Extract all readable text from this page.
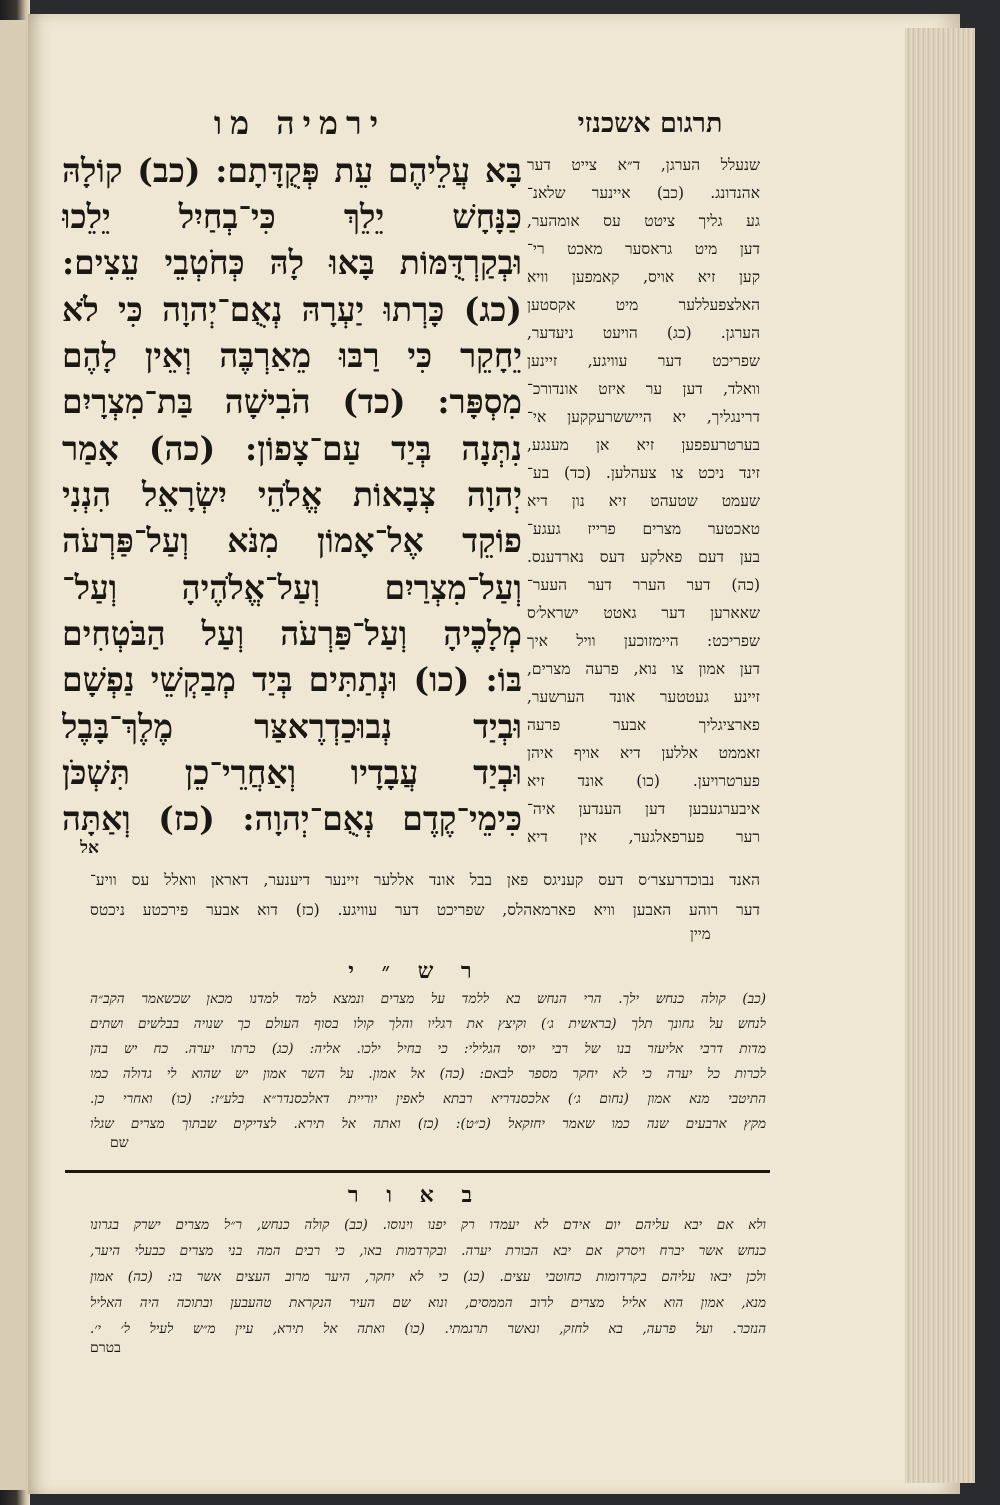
תרגום אשכנזי
ירמיה מו
בָּא עֲלֵיהֶם עֵת פְּקֻדָּתָם: (כב) קוֹלָהּ
כַּנָּחָשׁ יֵלֵךְ כִּי־בְחַיִל יֵלֵכוּ
וּבְקַרְדֻּמּוֹת בָּאוּ לָהּ כְּחֹטְבֵי עֵצִים:
(כג) כָּרְתוּ יַעְרָהּ נְאֻם־יְהוָה כִּי לֹא
יֵחָקֵר כִּי רַבּוּ מֵאַרְבֶּה וְאֵין לָהֶם
מִסְפָּר: (כד) הֹבִישָׁה בַּת־מִצְרָיִם
נִתְּנָה בְּיַד עַם־צָפוֹן: (כה) אָמַר
יְהוָה צְבָאוֹת אֱלֹהֵי יִשְׂרָאֵל הִנְנִי
פוֹקֵד אֶל־אָמוֹן מִנֹּא וְעַל־פַּרְעֹה
וְעַל־מִצְרַיִם וְעַל־אֱלֹהֶיהָ וְעַל־
מְלָכֶיהָ וְעַל־פַּרְעֹה וְעַל הַבֹּטְחִים
בּוֹ: (כו) וּנְתַתִּים בְּיַד מְבַקְשֵׁי נַפְשָׁם
וּבְיַד נְבוּכַדְרֶאצַּר מֶלֶךְ־בָּבֶל
וּבְיַד עֲבָדָיו וְאַחֲרֵי־כֵן תִּשְׁכֹּן
כִּימֵי־קֶדֶם נְאֻם־יְהוָה: (כז) וְאַתָּה
אל
שנעלל הערגן, ד״א צייט דער
אהנדונג. (כב) איינער שלאנ־
גע גליך ציטט עס אומהער,
דען מיט גראסער מאכט רי־
קען זיא אויס, קאמפען וויא
האלצפעללער מיט אקסטען
הערגן. (כג) הויעט ניעדער,
שפריכט דער עוויגע, זיינען
וואלד, דען ער איזט אונדורכ־
דרינגליך, יא הייששרעקקען אי־
בערטרעפפען זיא אן מענגע,
זינד ניכט צו צעהלען. (כד) בע־
שעמט שטעהט זיא נון דיא
טאכטער מצרים פרייז געגע־
בען דעם פאלקע דעס נארדענס.
(כה) דער הערר דער העער־
שאארען דער גאטט ישראל׳ס
שפריכט: היימזוכען וויל איך
דען אמון צו נוא, פרעה מצרים,
זיינע געטטער אונד הערשער,
פארציגליך אבער פרעה
זאממט אללען דיא אויף איהן
פערטרויען. (כו) אונד זיא
איבערגעבען דען הענדען איה־
רער פערפאלגער, אין דיא
האנד נבוכדרעצר׳ס דעס קעניגס פאן בבל אונד אללער זיינער דיענער, דאראן וואלל עס וויע־
דער רוהע האבען וויא פארמאהלס, שפריכט דער עוויגע. (כז) דוא אבער פירכטע ניכטס
מיין
ר ש ״ י
(כב) קולה כנחש ילך. הרי הנחש בא ללמד על מצרים ונמצא למד למדנו מכאן שכשאמר הקב״ה
לנחש על גחונך תלך (בראשית ג׳) וקיצץ את רגליו והלך קולו בסוף העולם כך שנויה בבלשים ושתים
מדות דרבי אליעזר בנו של רבי יוסי הגלילי: כי בחיל ילכו. אליה: (כג) כרתו יערה. כח יש בהן
לכרות כל יערה כי לא יחקר מספר לבאם: (כה) אל אמון. על השר אמון יש שהוא לי גדולה כמו
התיטבי מנא אמון (נחום ג׳) אלכסנדריא רבתא לאפין יוריית דאלכסנדר״א בלע״ז: (כו) ואחרי כן.
מקץ ארבעים שנה כמו שאמר יחזקאל (כ״ט): (כז) ואתה אל תירא. לצדיקים שבתוך מצרים שגלו
שם
ב א ו ר
ולא אם יבא עליהם יום אידם לא יעמדו רק יפנו וינוסו. (כב) קולה כנחש, ר״ל מצרים ישרק בגרונו
כנחש אשר יברח ויסרק אם יבא הבורת יערה. ובקרדמות באו, כי רבים המה בני מצרים כבעלי היער,
ולכן יבאו עליהם בקרדומות כחוטבי עצים. (כג) כי לא יחקר, היער מרוב העצים אשר בו: (כה) אמון
מנא, אמון הוא אליל מצרים לרוב הממסים, ונוא שם העיר הנקראת טהעבען ובתוכה היה האליל
הנזכר. ועל פרעה, בא לחזק, ונאשר תרגמתי. (כו) ואתה אל תירא, עיין מ״ש לעיל ל׳ י׳.
בטרם
